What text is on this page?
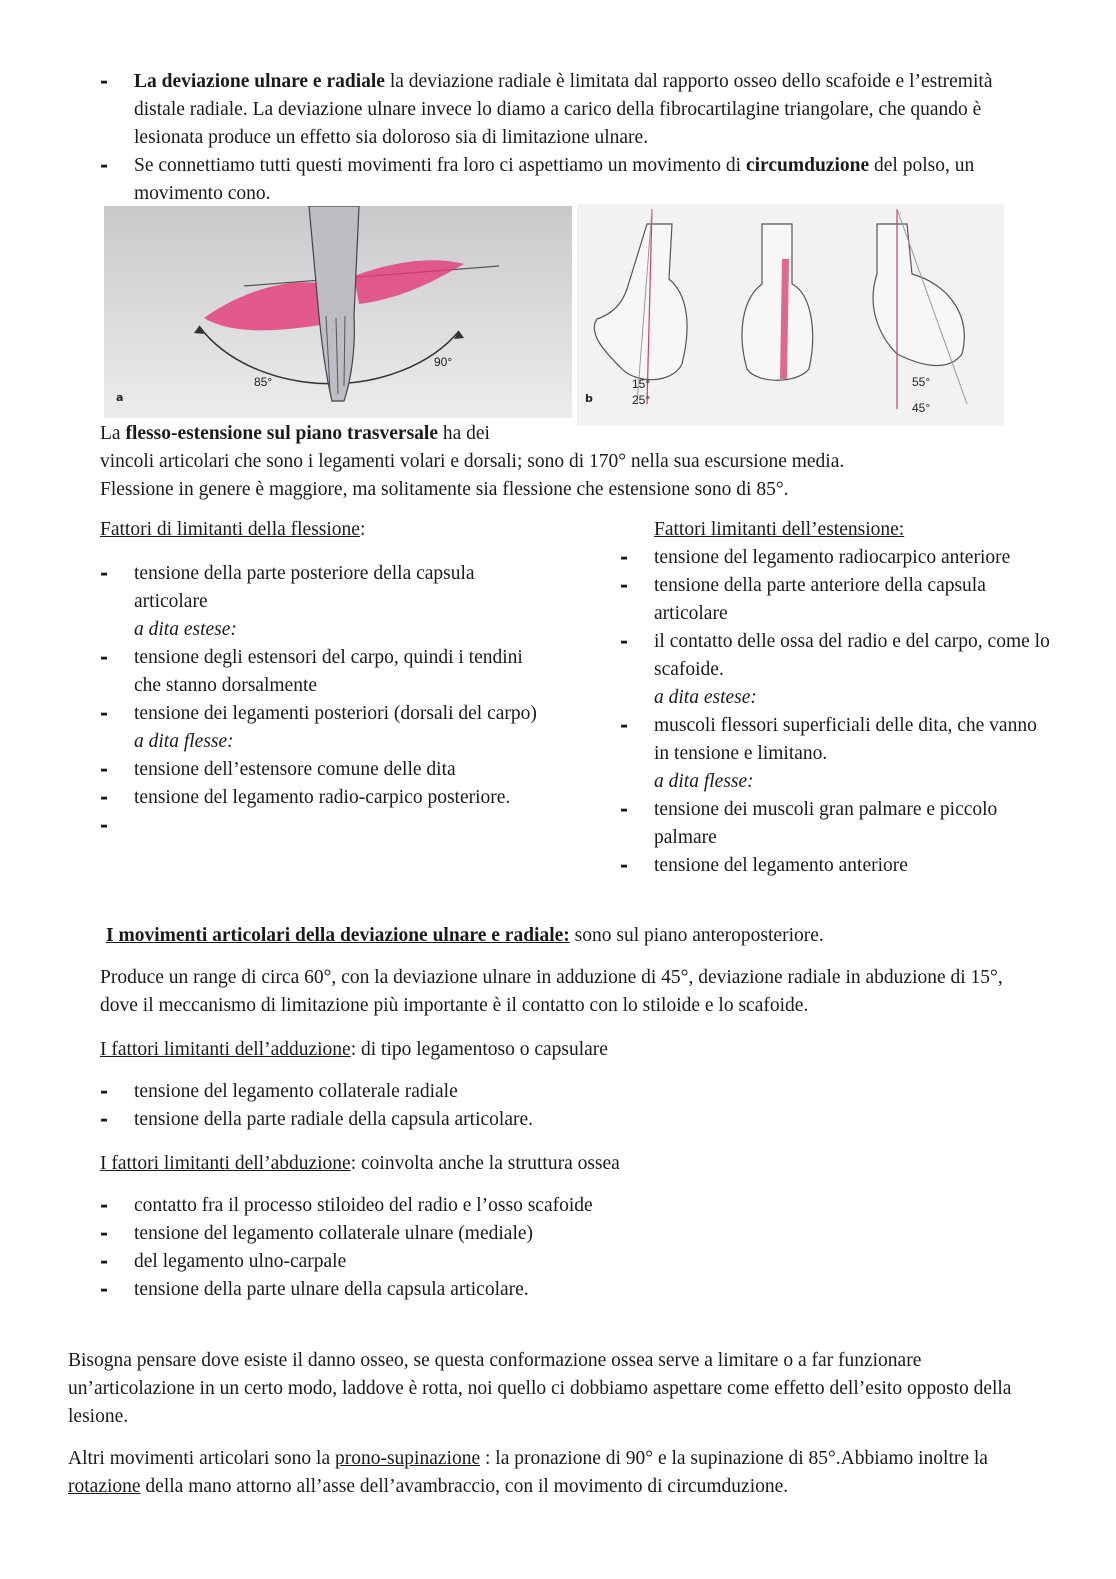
- La deviazione ulnare e radiale la deviazione radiale è limitata dal rapporto osseo dello scafoide e l’estremità distale radiale. La deviazione ulnare invece lo diamo a carico della fibrocartilagine triangolare, che quando è lesionata produce un effetto sia doloroso sia di limitazione ulnare.
- Se connettiamo tutti questi movimenti fra loro ci aspettiamo un movimento di circumduzione del polso, un movimento cono.
a
85°
90°
b
15°
25°
55°
45°

La flesso-estensione sul piano trasversale ha dei

vincoli articolari che sono i legamenti volari e dorsali; sono di 170° nella sua escursione media.

Flessione in genere è maggiore, ma solitamente sia flessione che estensione sono di 85°.

Fattori di limitanti della flessione:

- tensione della parte posteriore della capsula articolare
a dita estese:
- tensione degli estensori del carpo, quindi i tendini che stanno dorsalmente
- tensione dei legamenti posteriori (dorsali del carpo)
a dita flesse:
- tensione dell’estensore comune delle dita
- tensione del legamento radio-carpico posteriore.
-

Fattori limitanti dell’estensione:

- tensione del legamento radiocarpico anteriore
- tensione della parte anteriore della capsula articolare
- il contatto delle ossa del radio e del carpo, come lo scafoide.
a dita estese:
- muscoli flessori superficiali delle dita, che vanno in tensione e limitano.
a dita flesse:
- tensione dei muscoli gran palmare e piccolo palmare
- tensione del legamento anteriore

I movimenti articolari della deviazione ulnare e radiale: sono sul piano anteroposteriore.

Produce un range di circa 60°, con la deviazione ulnare in adduzione di 45°, deviazione radiale in abduzione di 15°, dove il meccanismo di limitazione più importante è il contatto con lo stiloide e lo scafoide.

I fattori limitanti dell’adduzione: di tipo legamentoso o capsulare

- tensione del legamento collaterale radiale
- tensione della parte radiale della capsula articolare.

I fattori limitanti dell’abduzione: coinvolta anche la struttura ossea

- contatto fra il processo stiloideo del radio e l’osso scafoide
- tensione del legamento collaterale ulnare (mediale)
- del legamento ulno-carpale
- tensione della parte ulnare della capsula articolare.

Bisogna pensare dove esiste il danno osseo, se questa conformazione ossea serve a limitare o a far funzionare un’articolazione in un certo modo, laddove è rotta, noi quello ci dobbiamo aspettare come effetto dell’esito opposto della lesione.

Altri movimenti articolari sono la prono-supinazione : la pronazione di 90° e la supinazione di 85°.Abbiamo inoltre la rotazione della mano attorno all’asse dell’avambraccio, con il movimento di circumduzione.
